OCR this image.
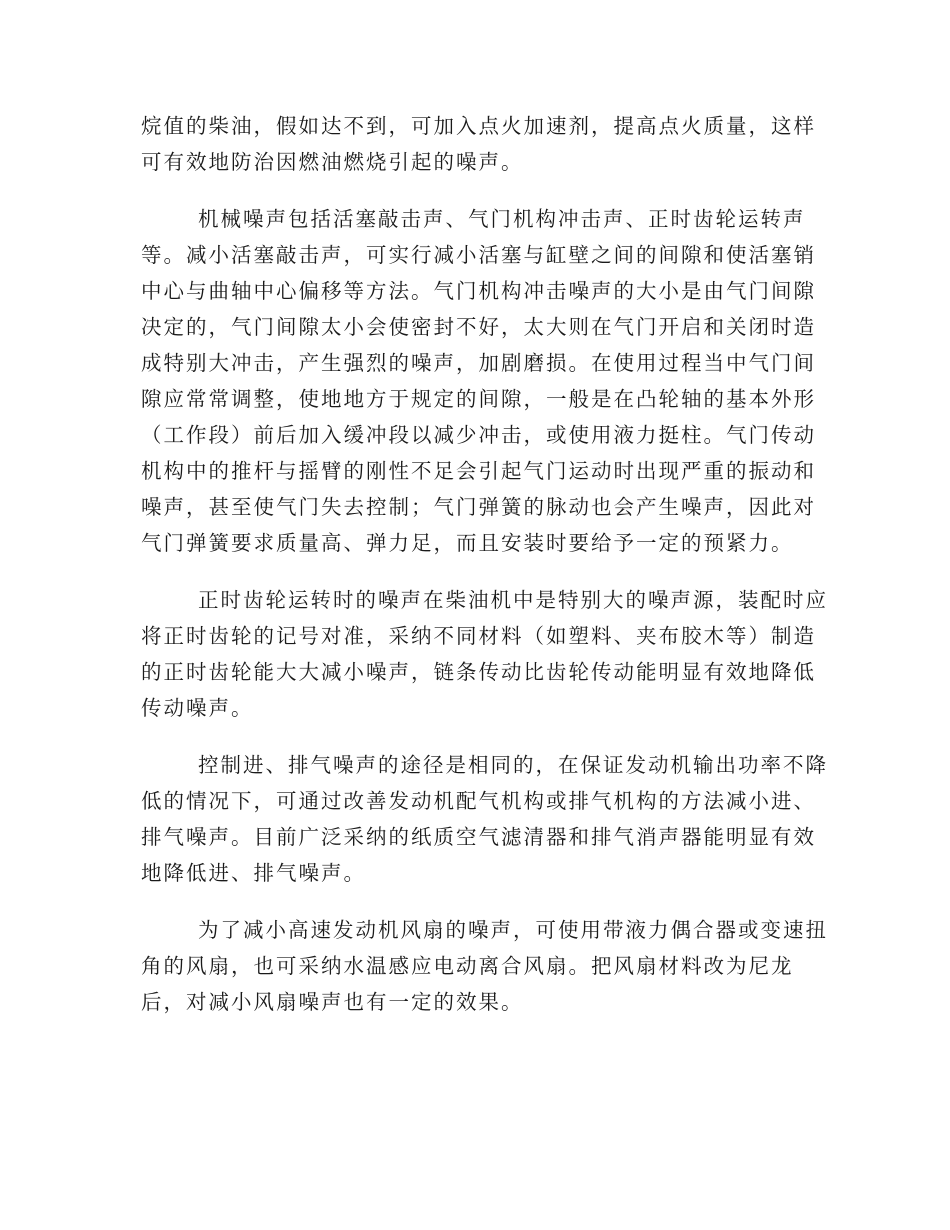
烷值的柴油，假如达不到，可加入点火加速剂，提高点火质量，这样
可有效地防治因燃油燃烧引起的噪声。

机械噪声包括活塞敲击声、气门机构冲击声、正时齿轮运转声
等。减小活塞敲击声，可实行减小活塞与缸壁之间的间隙和使活塞销
中心与曲轴中心偏移等方法。气门机构冲击噪声的大小是由气门间隙
决定的，气门间隙太小会使密封不好，太大则在气门开启和关闭时造
成特别大冲击，产生强烈的噪声，加剧磨损。在使用过程当中气门间
隙应常常调整，使地地方于规定的间隙，一般是在凸轮轴的基本外形
（工作段）前后加入缓冲段以减少冲击，或使用液力挺柱。气门传动
机构中的推杆与摇臂的刚性不足会引起气门运动时出现严重的振动和
噪声，甚至使气门失去控制；气门弹簧的脉动也会产生噪声，因此对
气门弹簧要求质量高、弹力足，而且安装时要给予一定的预紧力。

正时齿轮运转时的噪声在柴油机中是特别大的噪声源，装配时应
将正时齿轮的记号对准，采纳不同材料（如塑料、夹布胶木等）制造
的正时齿轮能大大减小噪声，链条传动比齿轮传动能明显有效地降低
传动噪声。

控制进、排气噪声的途径是相同的，在保证发动机输出功率不降
低的情况下，可通过改善发动机配气机构或排气机构的方法减小进、
排气噪声。目前广泛采纳的纸质空气滤清器和排气消声器能明显有效
地降低进、排气噪声。

为了减小高速发动机风扇的噪声，可使用带液力偶合器或变速扭
角的风扇，也可采纳水温感应电动离合风扇。把风扇材料改为尼龙
后，对减小风扇噪声也有一定的效果。
